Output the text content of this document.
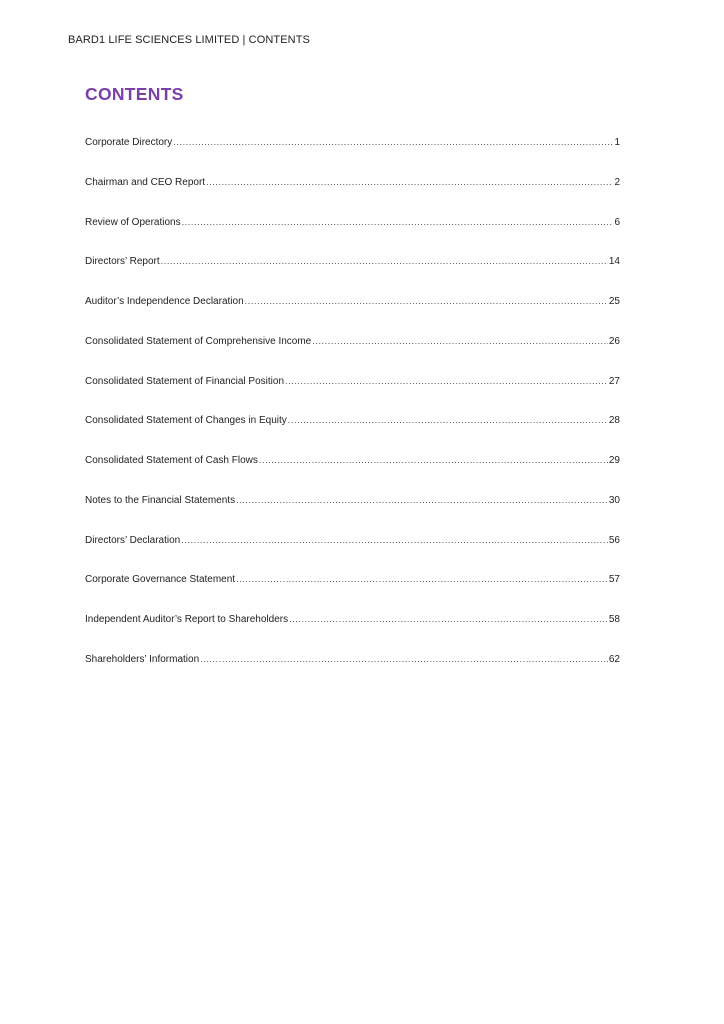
BARD1 LIFE SCIENCES LIMITED | CONTENTS
CONTENTS
Corporate Directory .....	1
Chairman and CEO Report .....	2
Review of Operations .....	6
Directors’ Report .....	14
Auditor’s Independence Declaration .....	25
Consolidated Statement of Comprehensive Income .....	26
Consolidated Statement of Financial Position .....	27
Consolidated Statement of Changes in Equity .....	28
Consolidated Statement of Cash Flows .....	29
Notes to the Financial Statements .....	30
Directors’ Declaration .....	56
Corporate Governance Statement .....	57
Independent Auditor’s Report to Shareholders .....	58
Shareholders’ Information .....	62
